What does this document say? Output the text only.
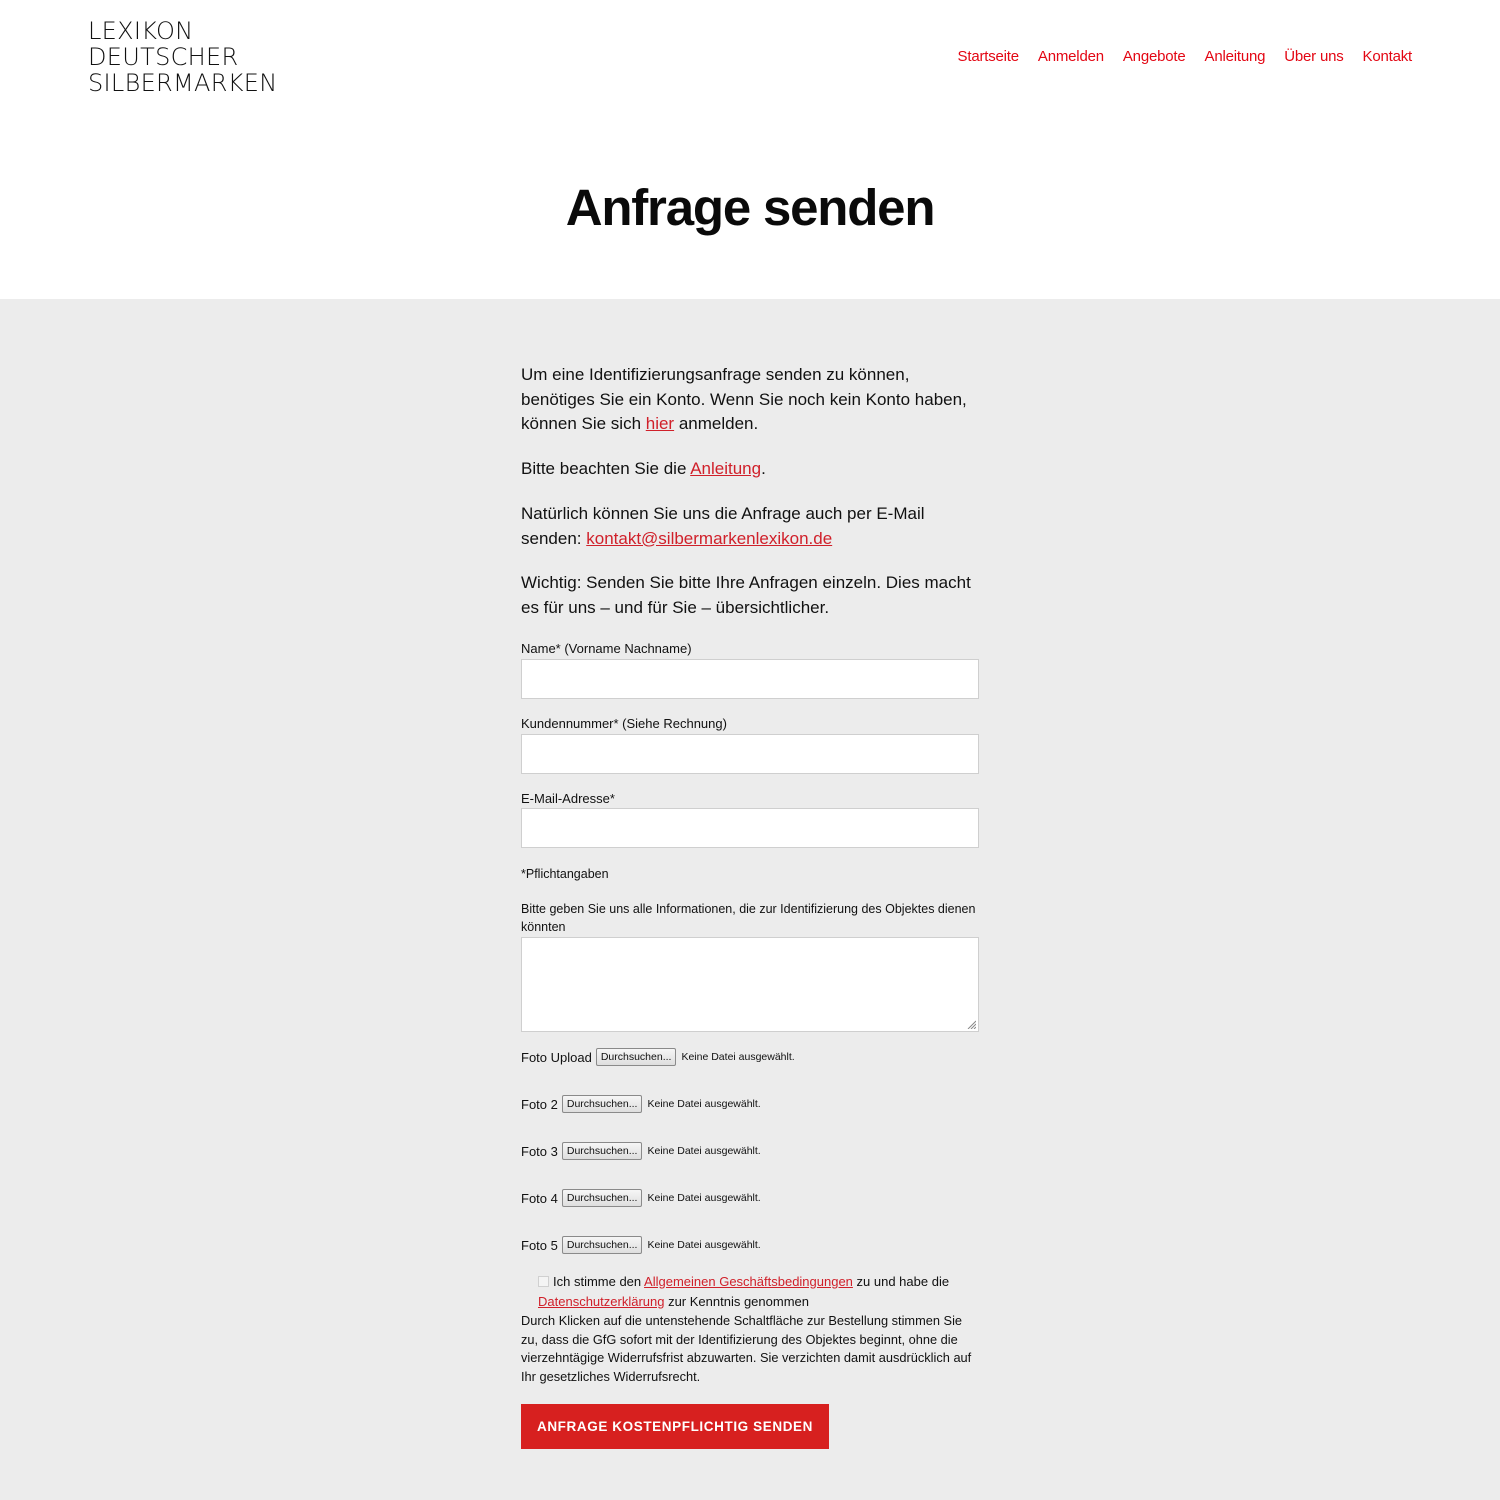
LEXIKON
DEUTSCHER
SILBERMARKEN
Startseite Anmelden Angebote Anleitung Über uns Kontakt
Anfrage senden

Um eine Identifizierungsanfrage senden zu können, benötiges Sie ein Konto. Wenn Sie noch kein Konto haben, können Sie sich hier anmelden.

Bitte beachten Sie die Anleitung.

Natürlich können Sie uns die Anfrage auch per E-Mail senden: kontakt@silbermarkenlexikon.de

Wichtig: Senden Sie bitte Ihre Anfragen einzeln. Dies macht es für uns – und für Sie – übersichtlicher.

Name* (Vorname Nachname)
Kundennummer* (Siehe Rechnung)
E-Mail-Adresse*
*Pflichtangaben
Bitte geben Sie uns alle Informationen, die zur Identifizierung des Objektes dienen könnten
Foto Upload Durchsuchen... Keine Datei ausgewählt.
Foto 2 Durchsuchen... Keine Datei ausgewählt.
Foto 3 Durchsuchen... Keine Datei ausgewählt.
Foto 4 Durchsuchen... Keine Datei ausgewählt.
Foto 5 Durchsuchen... Keine Datei ausgewählt.
Ich stimme den Allgemeinen Geschäftsbedingungen zu und habe die
Datenschutzerklärung zur Kenntnis genommen
Durch Klicken auf die untenstehende Schaltfläche zur Bestellung stimmen Sie zu, dass die GfG sofort mit der Identifizierung des Objektes beginnt, ohne die vierzehntägige Widerrufsfrist abzuwarten. Sie verzichten damit ausdrücklich auf Ihr gesetzliches Widerrufsrecht.
ANFRAGE KOSTENPFLICHTIG SENDEN
